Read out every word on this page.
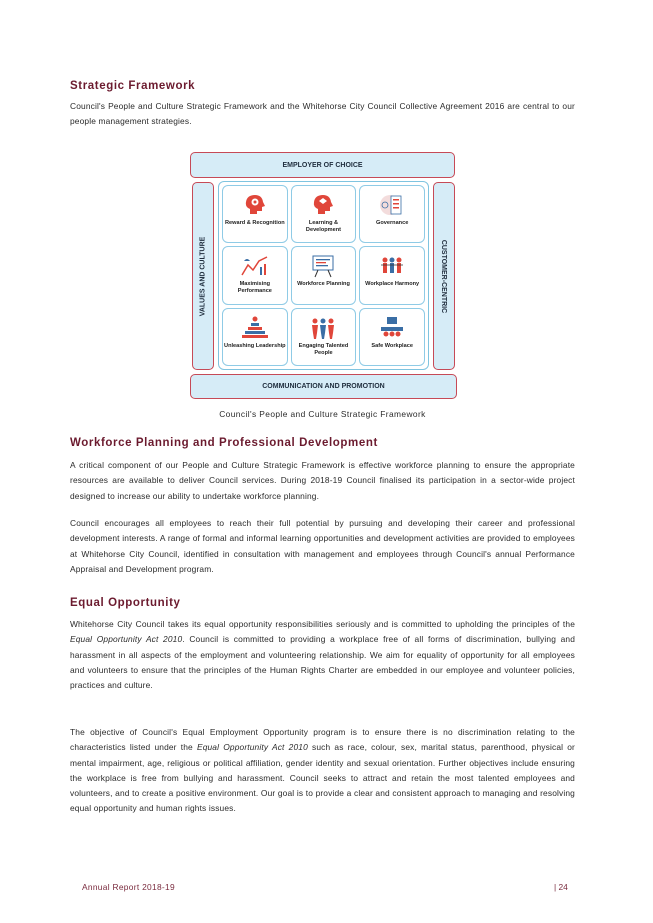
Strategic Framework

Council's People and Culture Strategic Framework and the Whitehorse City Council Collective Agreement 2016 are central to our people management strategies.

EMPLOYER OF CHOICE
VALUES AND CULTURE	CUSTOMER-CENTRIC
COMMUNICATION AND PROMOTION
Reward & Recognition	Learning & Development
Governance
Maximising Performance
Workforce Planning	Workplace Harmony
Unleashing Leadership	Engaging Talented People
Safe Workplace

Council's People and Culture Strategic Framework

Workforce Planning and Professional Development

A critical component of our People and Culture Strategic Framework is effective workforce planning to ensure the appropriate resources are available to deliver Council services. During 2018-19 Council finalised its participation in a sector-wide project designed to increase our ability to undertake workforce planning.

Council encourages all employees to reach their full potential by pursuing and developing their career and professional development interests. A range of formal and informal learning opportunities and development activities are provided to employees at Whitehorse City Council, identified in consultation with management and employees through Council's annual Performance Appraisal and Development program.

Equal Opportunity

Whitehorse City Council takes its equal opportunity responsibilities seriously and is committed to upholding the principles of the Equal Opportunity Act 2010. Council is committed to providing a workplace free of all forms of discrimination, bullying and harassment in all aspects of the employment and volunteering relationship. We aim for equality of opportunity for all employees and volunteers to ensure that the principles of the Human Rights Charter are embedded in our employee and volunteer policies, practices and culture.

The objective of Council's Equal Employment Opportunity program is to ensure there is no discrimination relating to the characteristics listed under the Equal Opportunity Act 2010 such as race, colour, sex, marital status, parenthood, physical or mental impairment, age, religious or political affiliation, gender identity and sexual orientation. Further objectives include ensuring the workplace is free from bullying and harassment. Council seeks to attract and retain the most talented employees and volunteers, and to create a positive environment. Our goal is to provide a clear and consistent approach to managing and resolving equal opportunity and human rights issues.

Annual Report 2018-19	| 24
